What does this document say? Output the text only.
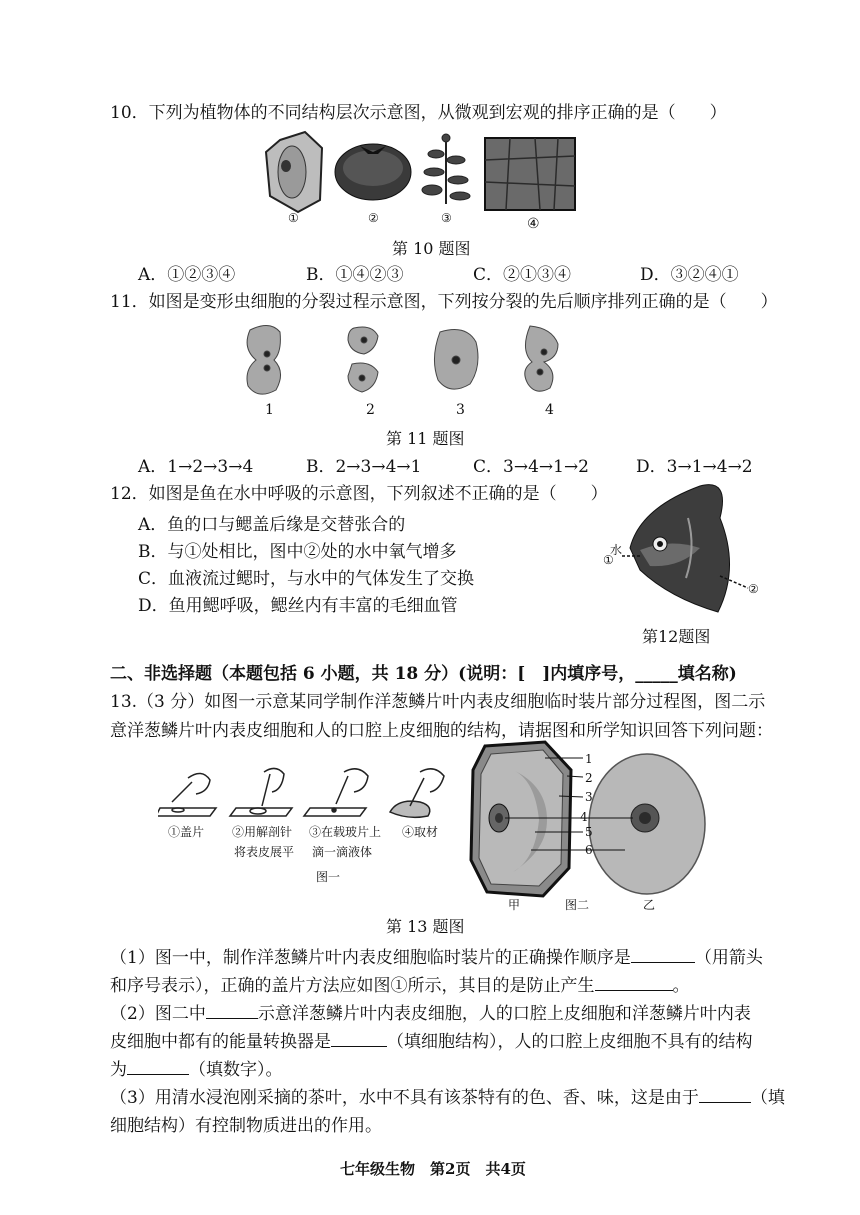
10．下列为植物体的不同结构层次示意图，从微观到宏观的排序正确的是（　　）
①	②	③	④
第 10 题图
A．①②③④	B．①④②③	C．②①③④	D．③②④①
11．如图是变形虫细胞的分裂过程示意图，下列按分裂的先后顺序排列正确的是（　　）
1	2	3	4
第 11 题图
A．1→2→3→4	B．2→3→4→1	C．3→4→1→2	D．3→1→4→2
12．如图是鱼在水中呼吸的示意图，下列叙述不正确的是（　　）
A．鱼的口与鳃盖后缘是交替张合的
B．与①处相比，图中②处的水中氧气增多
C．血液流过鳃时，与水中的气体发生了交换
D．鱼用鳃呼吸，鳃丝内有丰富的毛细血管
水
①
②
第12题图
二、非选择题（本题包括 6 小题，共 18 分）(说明：[　]内填序号，_____填名称)
13.（3 分）如图一示意某同学制作洋葱鳞片叶内表皮细胞临时装片部分过程图，图二示
意洋葱鳞片叶内表皮细胞和人的口腔上皮细胞的结构，请据图和所学知识回答下列问题：
①盖片 ②用解剖针
将表皮展平
③在载玻片上
滴一滴液体
④取材
图一
1
2
3
4
5
6
甲	图二	乙
第 13 题图
（1）图一中，制作洋葱鳞片叶内表皮细胞临时装片的正确操作顺序是	（用箭头
和序号表示），正确的盖片方法应如图①所示，其目的是防止产生	。
（2）图二中	示意洋葱鳞片叶内表皮细胞，人的口腔上皮细胞和洋葱鳞片叶内表
皮细胞中都有的能量转换器是	（填细胞结构），人的口腔上皮细胞不具有的结构
为	（填数字）。
（3）用清水浸泡刚采摘的茶叶，水中不具有该茶特有的色、香、味，这是由于	（填
细胞结构）有控制物质进出的作用。
七年级生物　第2页　共4页
